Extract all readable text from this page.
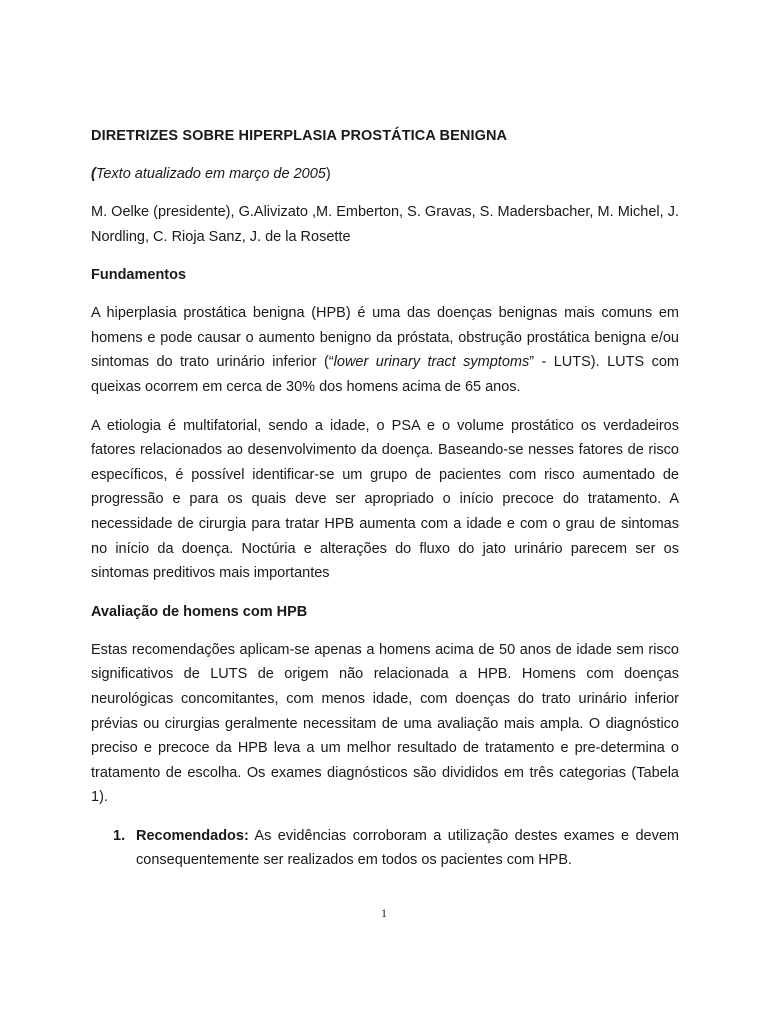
DIRETRIZES SOBRE HIPERPLASIA PROSTÁTICA BENIGNA
(Texto atualizado em março de 2005)

M. Oelke (presidente), G.Alivizato ,M. Emberton, S. Gravas, S. Madersbacher, M. Michel, J. Nordling, C. Rioja Sanz, J. de la Rosette

Fundamentos

A hiperplasia prostática benigna (HPB) é uma das doenças benignas mais comuns em homens e pode causar o aumento benigno da próstata, obstrução prostática benigna e/ou sintomas do trato urinário inferior (“lower urinary tract symptoms” - LUTS). LUTS com queixas ocorrem em cerca de 30% dos homens acima de 65 anos.

A etiologia é multifatorial, sendo a idade, o PSA e o volume prostático os verdadeiros fatores relacionados ao desenvolvimento da doença. Baseando-se nesses fatores de risco específicos, é possível identificar-se um grupo de pacientes com risco aumentado de progressão e para os quais deve ser apropriado o início precoce do tratamento. A necessidade de cirurgia para tratar HPB aumenta com a idade e com o grau de sintomas no início da doença. Noctúria e alterações do fluxo do jato urinário parecem ser os sintomas preditivos mais importantes

Avaliação de homens com HPB

Estas recomendações aplicam-se apenas a homens acima de 50 anos de idade sem risco significativos de LUTS de origem não relacionada a HPB. Homens com doenças neurológicas concomitantes, com menos idade, com doenças do trato urinário inferior prévias ou cirurgias geralmente necessitam de uma avaliação mais ampla. O diagnóstico preciso e precoce da HPB leva a um melhor resultado de tratamento e pre-determina o tratamento de escolha. Os exames diagnósticos são divididos em três categorias (Tabela 1).

1. Recomendados: As evidências corroboram a utilização destes exames e devem consequentemente ser realizados em todos os pacientes com HPB.
1
